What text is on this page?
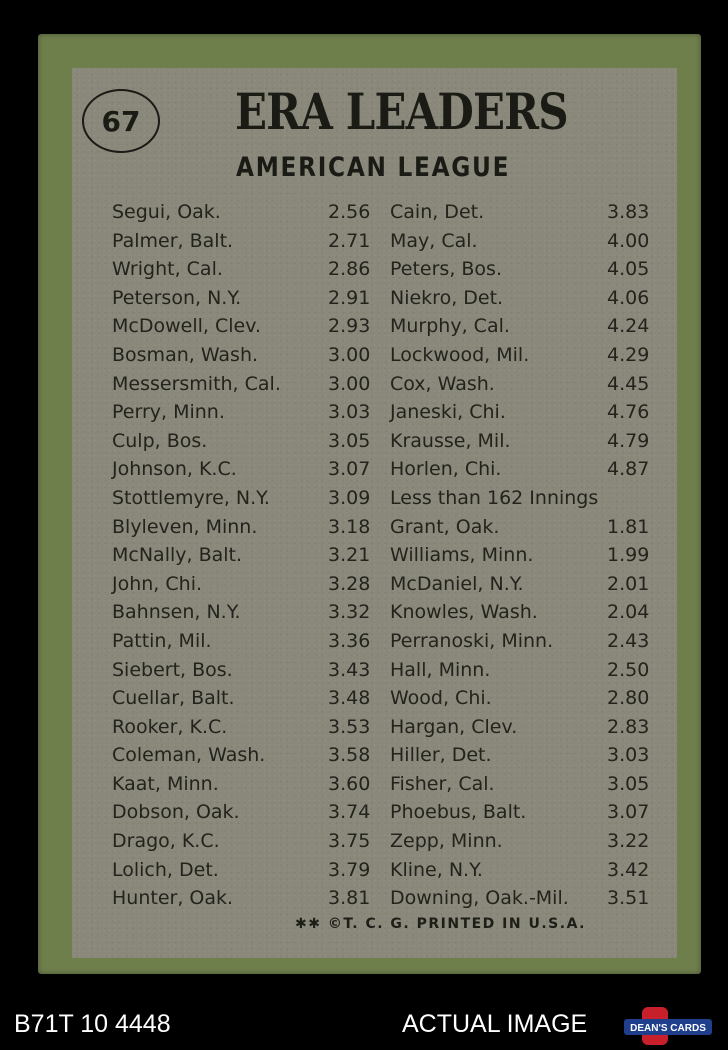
67 ERA LEADERS
AMERICAN LEAGUE
Segui, Oak.	2.56
Palmer, Balt.	2.71
Wright, Cal.	2.86
Peterson, N.Y.	2.91
McDowell, Clev.	2.93
Bosman, Wash.	3.00
Messersmith, Cal. 3.00
Perry, Minn.	3.03
Culp, Bos.	3.05
Johnson, K.C.	3.07
Stottlemyre, N.Y.	3.09
Blyleven, Minn.	3.18
McNally, Balt.	3.21
John, Chi.	3.28
Bahnsen, N.Y.	3.32
Pattin, Mil.	3.36
Siebert, Bos.	3.43
Cuellar, Balt.	3.48
Rooker, K.C.	3.53
Coleman, Wash.	3.58
Kaat, Minn.	3.60
Dobson, Oak.	3.74
Drago, K.C.	3.75
Lolich, Det.	3.79
Hunter, Oak.	3.81
Cain, Det.	3.83
May, Cal.	4.00
Peters, Bos.	4.05
Niekro, Det.	4.06
Murphy, Cal.	4.24
Lockwood, Mil.	4.29
Cox, Wash.	4.45
Janeski, Chi.	4.76
Krausse, Mil.	4.79
Horlen, Chi.	4.87
Less than 162 Innings
Grant, Oak.	1.81
Williams, Minn.	1.99
McDaniel, N.Y.	2.01
Knowles, Wash.	2.04
Perranoski, Minn.	2.43
Hall, Minn.	2.50
Wood, Chi.	2.80
Hargan, Clev.	2.83
Hiller, Det.	3.03
Fisher, Cal.	3.05
Phoebus, Balt.	3.07
Zepp, Minn.	3.22
Kline, N.Y.	3.42
Downing, Oak.-Mil. 3.51
✱✱ ©T. C. G. PRINTED IN U.S.A.
B71T 10 4448	ACTUAL IMAGE	DEAN'S CARDS
